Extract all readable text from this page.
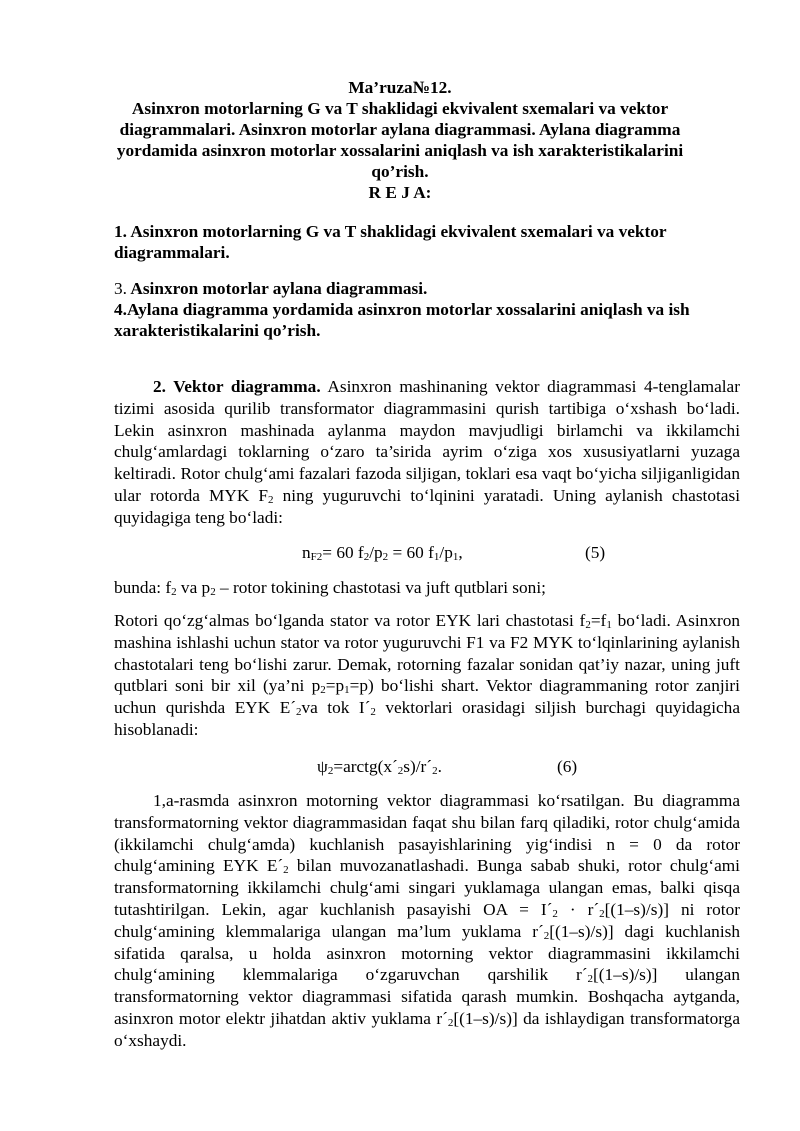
Ma’ruza№12.
Asinxron motorlarning G va T shaklidagi ekvivalent sxemalari va vektor
diagrammalari. Asinxron motorlar aylana diagrammasi. Aylana diagramma
yordamida asinxron motorlar xossalarini aniqlash va ish xarakteristikalarini
qo’rish.
R E J A:
1. Asinxron motorlarning G va T shaklidagi ekvivalent sxemalari va vektor diagrammalari.
3. Asinxron motorlar aylana diagrammasi.
4.Aylana diagramma yordamida asinxron motorlar xossalarini aniqlash va ish xarakteristikalarini qo’rish.
2. Vektor diagramma. Asinxron mashinaning vektor diagrammasi 4-tenglamalar tizimi asosida qurilib transformator diagrammasini qurish tartibiga o‘xshash bo‘ladi. Lekin asinxron mashinada aylanma maydon mavjudligi birlamchi va ikkilamchi chulg‘amlardagi toklarning o‘zaro ta’sirida ayrim o‘ziga xos xususiyatlarni yuzaga keltiradi. Rotor chulg‘ami fazalari fazoda siljigan, toklari esa vaqt bo‘yicha siljiganligidan ular rotorda MYK $F_2$ ning yuguruvchi to‘lqinini yaratadi. Uning aylanish chastotasi quyidagiga teng bo‘ladi:
$n_{F2}= 60$ $f_2/p_2 = 60$ $f_1/p_1$,	(5)
bunda: $f_2$ va $p_2$ – rotor tokining chastotasi va juft qutblari soni;
Rotori qo‘zg‘almas bo‘lganda stator va rotor EYK lari chastotasi $f_2=f_1$ bo‘ladi. Asinxron mashina ishlashi uchun stator va rotor yuguruvchi F1 va F2 MYK to‘lqinlarining aylanish chastotalari teng bo‘lishi zarur. Demak, rotorning fazalar sonidan qat’iy nazar, uning juft qutblari soni bir xil (ya’ni $p_2=p_1=p$) bo‘lishi shart. Vektor diagrammaning rotor zanjiri uchun qurishda EYK $E´_2va$ tok $I´_2$ vektorlari orasidagi siljish burchagi quyidagicha hisoblanadi:
$\psi_2=arctg(x´_2s)/r´_2$.	(6)
1,a-rasmda asinxron motorning vektor diagrammasi ko‘rsatilgan. Bu diagramma transformatorning vektor diagrammasidan faqat shu bilan farq qiladiki, rotor chulg‘amida (ikkilamchi chulg‘amda) kuchlanish pasayishlarining yig‘indisi n = 0 da rotor chulg‘amining EYK $E´_2$ bilan muvozanatlashadi. Bunga sabab shuki, rotor chulg‘ami transformatorning ikkilamchi chulg‘ami singari yuklamaga ulangan emas, balki qisqa tutashtirilgan. Lekin, agar kuchlanish pasayishi OA = $I´_2$ · $r´_2[(1-s)/s)$] ni rotor chulg‘amining klemmalariga ulangan ma’lum yuklama $r´_2[(1-s)/s)$] dagi kuchlanish sifatida qaralsa, u holda asinxron motorning vektor diagrammasini ikkilamchi chulg‘amining klemmalariga o‘zgaruvchan qarshilik $r´_2[(1-s)/s)$] ulangan transformatorning vektor diagrammasi sifatida qarash mumkin. Boshqacha aytganda, asinxron motor elektr jihatdan aktiv yuklama $r´_2[(1-s)/s)$] da ishlaydigan transformatorga o‘xshaydi.
